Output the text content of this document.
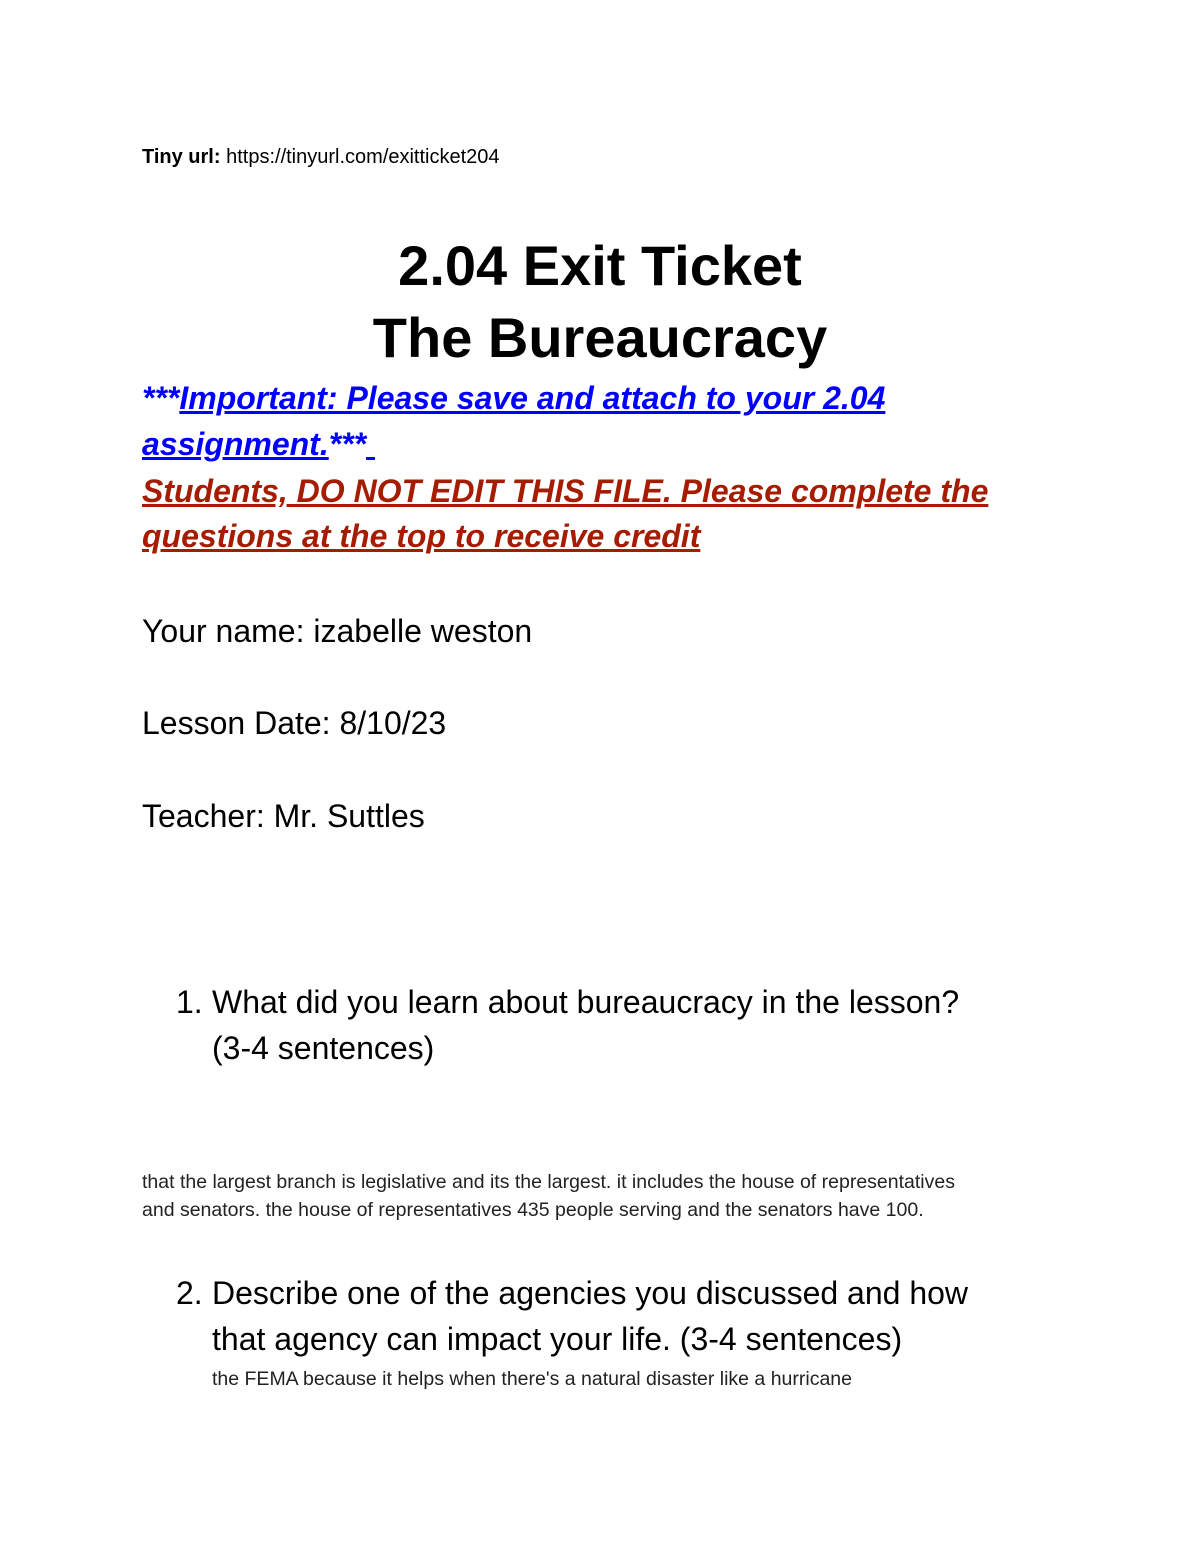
Tiny url: https://tinyurl.com/exitticket204
2.04 Exit Ticket
The Bureaucracy
***Important: Please save and attach to your 2.04
assignment.***
Students, DO NOT EDIT THIS FILE. Please complete the
questions at the top to receive credit
Your name: izabelle weston
Lesson Date: 8/10/23
Teacher: Mr. Suttles
1. What did you learn about bureaucracy in the lesson?
(3-4 sentences)
that the largest branch is legislative and its the largest. it includes the house of representatives
and senators. the house of representatives 435 people serving and the senators have 100.
2. Describe one of the agencies you discussed and how
that agency can impact your life. (3-4 sentences)
the FEMA because it helps when there's a natural disaster like a hurricane
